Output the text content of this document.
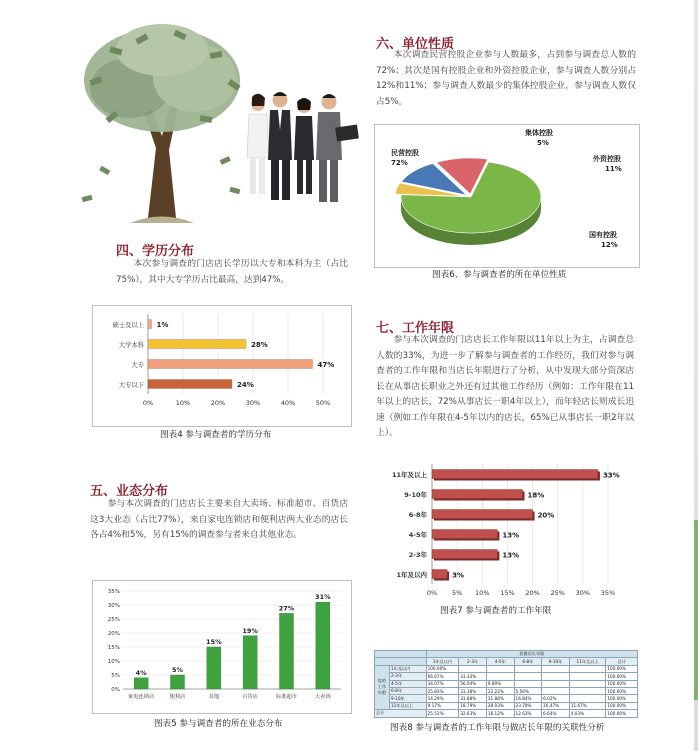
四、学历分布
本次参与调查的门店店长学历以大专和本科为主（占比75%），其中大专学历占比最高，达到47%。
0%	10%	20%	30%	40%	50%
硕士及以上 1%
大学本科	28%
大专	47%
大专以下	24%
图表4 参与调查者的学历分布
五、业态分布
参与本次调查的门店店长主要来自大卖场、标准超市、百货店这3大业态（占比77%），来自家电连锁店和便利店两大业态的店长各占4%和5%，另有15%的调查参与者来自其他业态。
0%
5%
10%
15%
20%
25%
30%
35%
4%
家电连锁店
5%
便利店
15%
其他
19%
百货店
27%
标准超市
31%
大卖场
图表5 参与调查者的所在业态分布
六、单位性质
本次调查民营控股企业参与人数最多，占到参与调查总人数的72%；其次是国有控股企业和外资控股企业，参与调查人数分别占12%和11%；参与调查人数最少的集体控股企业，参与调查人数仅占5%。
民营控股
72%
集体控股
5%
外资控股
11%
国有控股
12%
图表6、参与调查者的所在单位性质
七、工作年限
参与本次调查的门店店长工作年限以11年以上为主，占调查总人数的33%，为进一步了解参与调查者的工作经历，我们对参与调查者的工作年限和当店长年限进行了分析，从中发现大部分资深店长在从事店长职业之外还有过其他工作经历（例如：工作年限在11年以上的店长，72%从事店长一职4年以上），而年轻店长则成长迅速（例如工作年限在4-5年以内的店长，65%已从事店长一职2年以上）。
0% 5% 10% 15% 20% 25% 30% 35%
11年及以上	33%
9-10年	18%
6-8年	20%
4-5年	13%
2-3年	13%
1年及以内	3%
图表7 参与调查者的工作年限
		您做店长年限						
		1年及以内	2-3年	4-5年	6-8年	9-10年	11年及以上	总计
您的工作年限	1年及以内	100.00%						100.00%
	2-3年	66.67%	33.33%					100.00%
	4-5年	34.07%	56.04%	9.89%				100.00%
	6-8年	25.83%	31.38%	22.22%	5.56%			100.00%
	9-10年	14.29%	31.88%	31.88%	16.84%	6.02%		100.00%
	11年及以上	9.17%	18.79%	28.03%	23.79%	16.47%	11.67%	100.00%
总计		25.53%	32.63%	18.12%	12.63%	6.64%	4.03%	100.00%
图表8 参与调查者的工作年限与做店长年限的关联性分析
